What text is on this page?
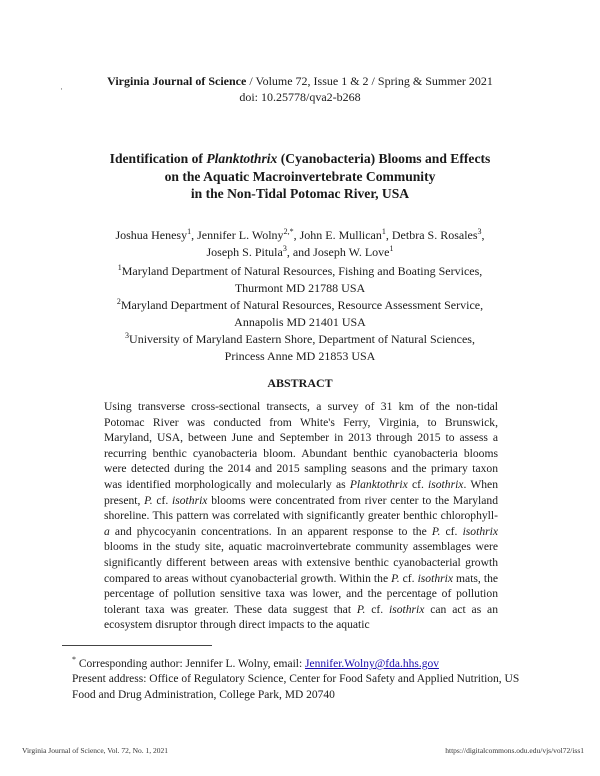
Virginia Journal of Science / Volume 72, Issue 1 & 2 / Spring & Summer 2021
doi: 10.25778/qva2-b268
·
Identification of Planktothrix (Cyanobacteria) Blooms and Effects
on the Aquatic Macroinvertebrate Community
in the Non-Tidal Potomac River, USA
Joshua Henesy$^1$, Jennifer L. Wolny$^{2,*}$, John E. Mullican$^1$, Detbra S. Rosales$^3$,
Joseph S. Pitula$^3$, and Joseph W. Love$^1$
$^1$Maryland Department of Natural Resources, Fishing and Boating Services,
Thurmont MD 21788 USA
$^2$Maryland Department of Natural Resources, Resource Assessment Service,
Annapolis MD 21401 USA
$^3$University of Maryland Eastern Shore, Department of Natural Sciences,
Princess Anne MD 21853 USA
ABSTRACT
Using transverse cross-sectional transects, a survey of 31 km of the non-tidal Potomac River was conducted from White's Ferry, Virginia, to Brunswick, Maryland, USA, between June and September in 2013 through 2015 to assess a recurring benthic cyanobacteria bloom. Abundant benthic cyanobacteria blooms were detected during the 2014 and 2015 sampling seasons and the primary taxon was identified morphologically and molecularly as Planktothrix cf. isothrix. When present, P. cf. isothrix blooms were concentrated from river center to the Maryland shoreline. This pattern was correlated with significantly greater benthic chlorophyll-a and phycocyanin concentrations. In an apparent response to the P. cf. isothrix blooms in the study site, aquatic macroinvertebrate community assemblages were significantly different between areas with extensive benthic cyanobacterial growth compared to areas without cyanobacterial growth. Within the P. cf. isothrix mats, the percentage of pollution sensitive taxa was lower, and the percentage of pollution tolerant taxa was greater. These data suggest that P. cf. isothrix can act as an ecosystem disruptor through direct impacts to the aquatic
* Corresponding author: Jennifer L. Wolny, email: Jennifer.Wolny@fda.hhs.gov
Present address: Office of Regulatory Science, Center for Food Safety and Applied Nutrition, US Food and Drug Administration, College Park, MD 20740
Virginia Journal of Science, Vol. 72, No. 1, 2021	https://digitalcommons.odu.edu/vjs/vol72/iss1
